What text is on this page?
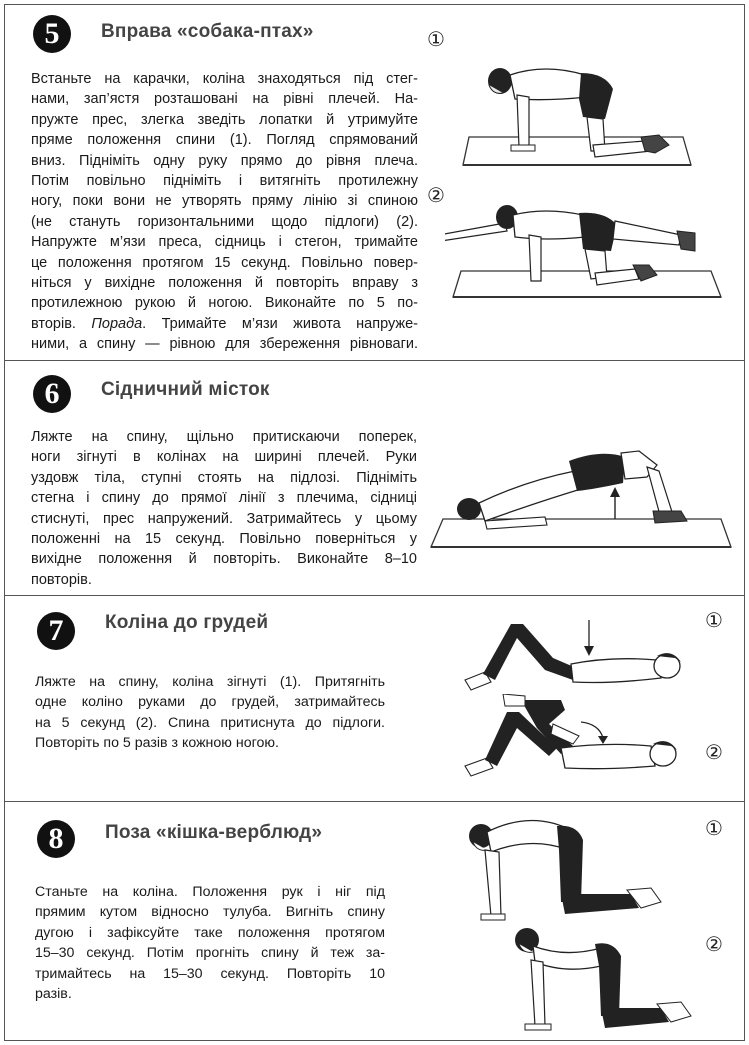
5	Вправа «собака-птах»
Встаньте на карачки, коліна знаходяться під стег-
нами, зап’ястя розташовані на рівні плечей. На-
пружте прес, злегка зведіть лопатки й утримуйте
пряме положення спини (1). Погляд спрямований
вниз. Підніміть одну руку прямо до рівня плеча.
Потім повільно підніміть і витягніть протилежну
ногу, поки вони не утворять пряму лінію зі спиною
(не стануть горизонтальними щодо підлоги) (2).
Напружте м’язи преса, сідниць і стегон, тримайте
це положення протягом 15 секунд. Повільно повер-
ніться у вихідне положення й повторіть вправу з
протилежною рукою й ногою. Виконайте по 5 по-
вторів. Порада. Тримайте м’язи живота напруже-
ними, а спину — рівною для збереження рівноваги.
①
②
6	Сідничний місток
Ляжте на спину, щільно притискаючи поперек,
ноги зігнуті в колінах на ширині плечей. Руки
уздовж тіла, ступні стоять на підлозі. Підніміть
стегна і спину до прямої лінії з плечима, сідниці
стиснуті, прес напружений. Затримайтесь у цьому
положенні на 15 секунд. Повільно поверніться у
вихідне положення й повторіть. Виконайте 8–10
повторів.
7	Коліна до грудей
Ляжте на спину, коліна зігнуті (1). Притягніть
одне коліно руками до грудей, затримайтесь
на 5 секунд (2). Спина притиснута до підлоги.
Повторіть по 5 разів з кожною ногою.
①
②
8	Поза «кішка-верблюд»
Станьте на коліна. Положення рук і ніг під
прямим кутом відносно тулуба. Вигніть спину
дугою і зафіксуйте таке положення протягом
15–30 секунд. Потім прогніть спину й теж за-
тримайтесь на 15–30 секунд. Повторіть 10
разів.
①
②
